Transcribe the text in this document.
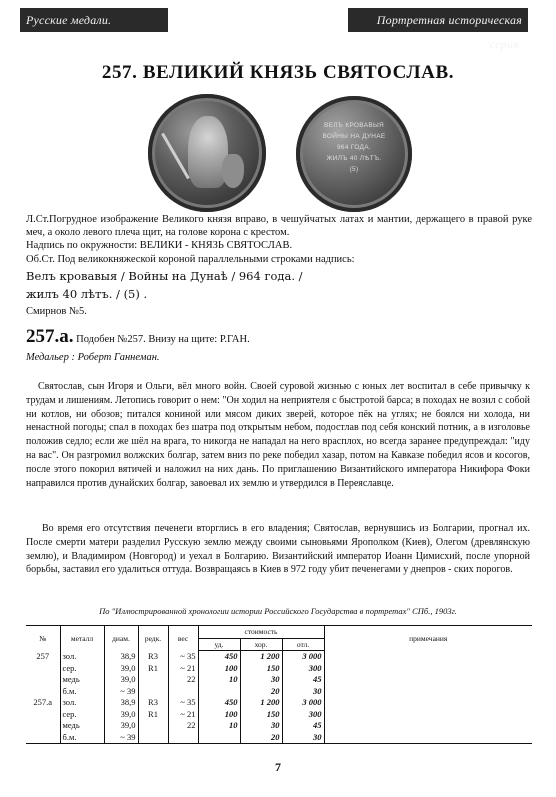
Русские медали.	Портретная историческая серия.
257. ВЕЛИКИЙ КНЯЗЬ СВЯТОСЛАВ.
ВЕЛЪ КРОВАВЫЯ
ВОЙНЫ НА ДУНАЕ
964 ГОДА.
ЖИЛЪ 40 ЛѢТЪ.
(5)
Л.Ст.Погрудное изображение Великого князя вправо, в чешуйчатых латах и мантии, держащего в правой руке меч, а около левого плеча щит, на голове корона с крестом.
Надпись по окружности: ВЕЛИКИ - КНЯЗЬ СВЯТОСЛАВ.
Об.Ст. Под великокняжеской короной параллельными строками надпись:
Велъ кровавыя / Войны на Дунаѣ / 964 года. /
жилъ 40 лѣтъ. / (5) .
Смирнов №5.
257.а. Подобен №257. Внизу на щите: Р.ГАН.
Медальер : Роберт Ганнеман.
Святослав, сын Игоря и Ольги, вёл много войн. Своей суровой жизнью с юных лет воспитал в себе привычку к трудам и лишениям. Летопись говорит о нем: "Он ходил на неприятеля с быстротой барса; в походах не возил с собой ни котлов, ни обозов; питался кониной или мясом диких зверей, которое пёк на углях; не боялся ни холода, ни ненастной погоды; спал в походах без шатра под открытым небом, подостлав под себя конский потник, а в изголовье положив седло; если же шёл на врага, то никогда не нападал на него врасплох, но всегда заранее предупреждал: "иду на вас". Он разгромил волжских болгар, затем вниз по реке победил хазар, потом на Кавказе победил ясов и косогов, после этого покорил вятичей и наложил на них дань. По приглашению Византийского императора Никифора Фоки направился против дунайских болгар, завоевал их землю и утвердился в Переяславце.
Во время его отсутствия печенеги вторглись в его владения; Святослав, вернувшись из Болгарии, прогнал их. После смерти матери разделил Русскую землю между своими сыновьями Ярополком (Киев), Олегом (древлянскую землю), и Владимиром (Новгород) и уехал в Болгарию. Византийский император Иоанн Цимисхий, после упорной борьбы, заставил его удалиться оттуда. Возвращаясь в Киев в 972 году убит печенегами у днепров - ских порогов.
По "Иллюстрированной хронологии истории Российского Государства в портретах" СПб., 1903г.
№	металл	диам.	редк.	вес	стоимость			примечания
					уд.	хор.	отл.	
257	зол.	38,9	R3	~ 35	450	1 200	3 000	
	сер.	39,0	R1	~ 21	100	150	300	
	медь	39,0		22	10	30	45	
	б.м.	~ 39				20	30	
257.а	зол.	38,9	R3	~ 35	450	1 200	3 000	
	сер.	39,0	R1	~ 21	100	150	300	
	медь	39,0		22	10	30	45	
	б.м.	~ 39				20	30	
7
